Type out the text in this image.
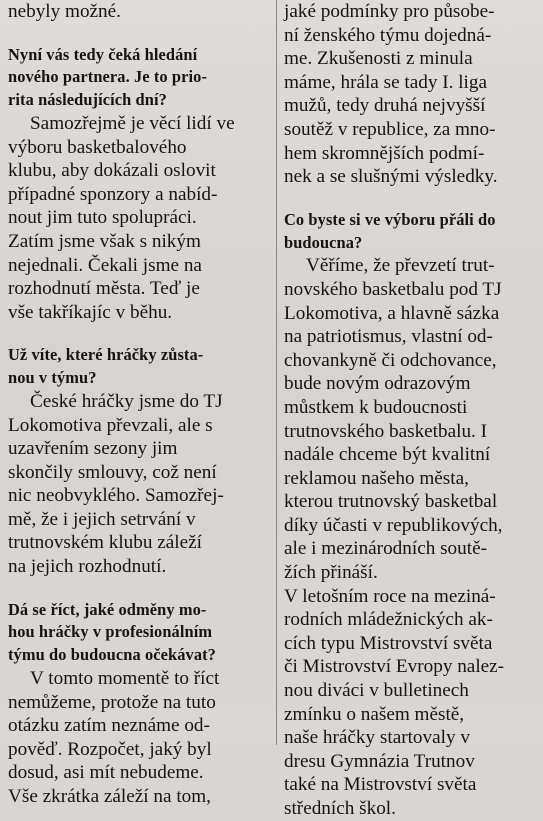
nebyly možné.
Nyní vás tedy čeká hledání
nového partnera. Je to prio-
rita následujících dní?
Samozřejmě je věcí lidí ve
výboru basketbalového
klubu, aby dokázali oslovit
případné sponzory a nabíd-
nout jim tuto spolupráci.
Zatím jsme však s nikým
nejednali. Čekali jsme na
rozhodnutí města. Teď je
vše takříkajíc v běhu.
Už víte, které hráčky zůsta-
nou v týmu?
České hráčky jsme do TJ
Lokomotiva převzali, ale s
uzavřením sezony jim
skončily smlouvy, což není
nic neobvyklého. Samozřej-
mě, že i jejich setrvání v
trutnovském klubu záleží
na jejich rozhodnutí.
Dá se říct, jaké odměny mo-
hou hráčky v profesionálním
týmu do budoucna očekávat?
V tomto momentě to říct
nemůžeme, protože na tuto
otázku zatím neznáme od-
pověď. Rozpočet, jaký byl
dosud, asi mít nebudeme.
Vše zkrátka záleží na tom,
jaké podmínky pro působe-
ní ženského týmu dojedná-
me. Zkušenosti z minula
máme, hrála se tady I. liga
mužů, tedy druhá nejvyšší
soutěž v republice, za mno-
hem skromnějších podmí-
nek a se slušnými výsledky.
Co byste si ve výboru přáli do
budoucna?
Věříme, že převzetí trut-
novského basketbalu pod TJ
Lokomotiva, a hlavně sázka
na patriotismus, vlastní od-
chovankyně či odchovance,
bude novým odrazovým
můstkem k budoucnosti
trutnovského basketbalu. I
nadále chceme být kvalitní
reklamou našeho města,
kterou trutnovský basketbal
díky účasti v republikových,
ale i mezinárodních soutě-
žích přináší.
V letošním roce na meziná-
rodních mládežnických ak-
cích typu Mistrovství světa
či Mistrovství Evropy nalez-
nou diváci v bulletinech
zmínku o našem městě,
naše hráčky startovaly v
dresu Gymnázia Trutnov
také na Mistrovství světa
středních škol.
